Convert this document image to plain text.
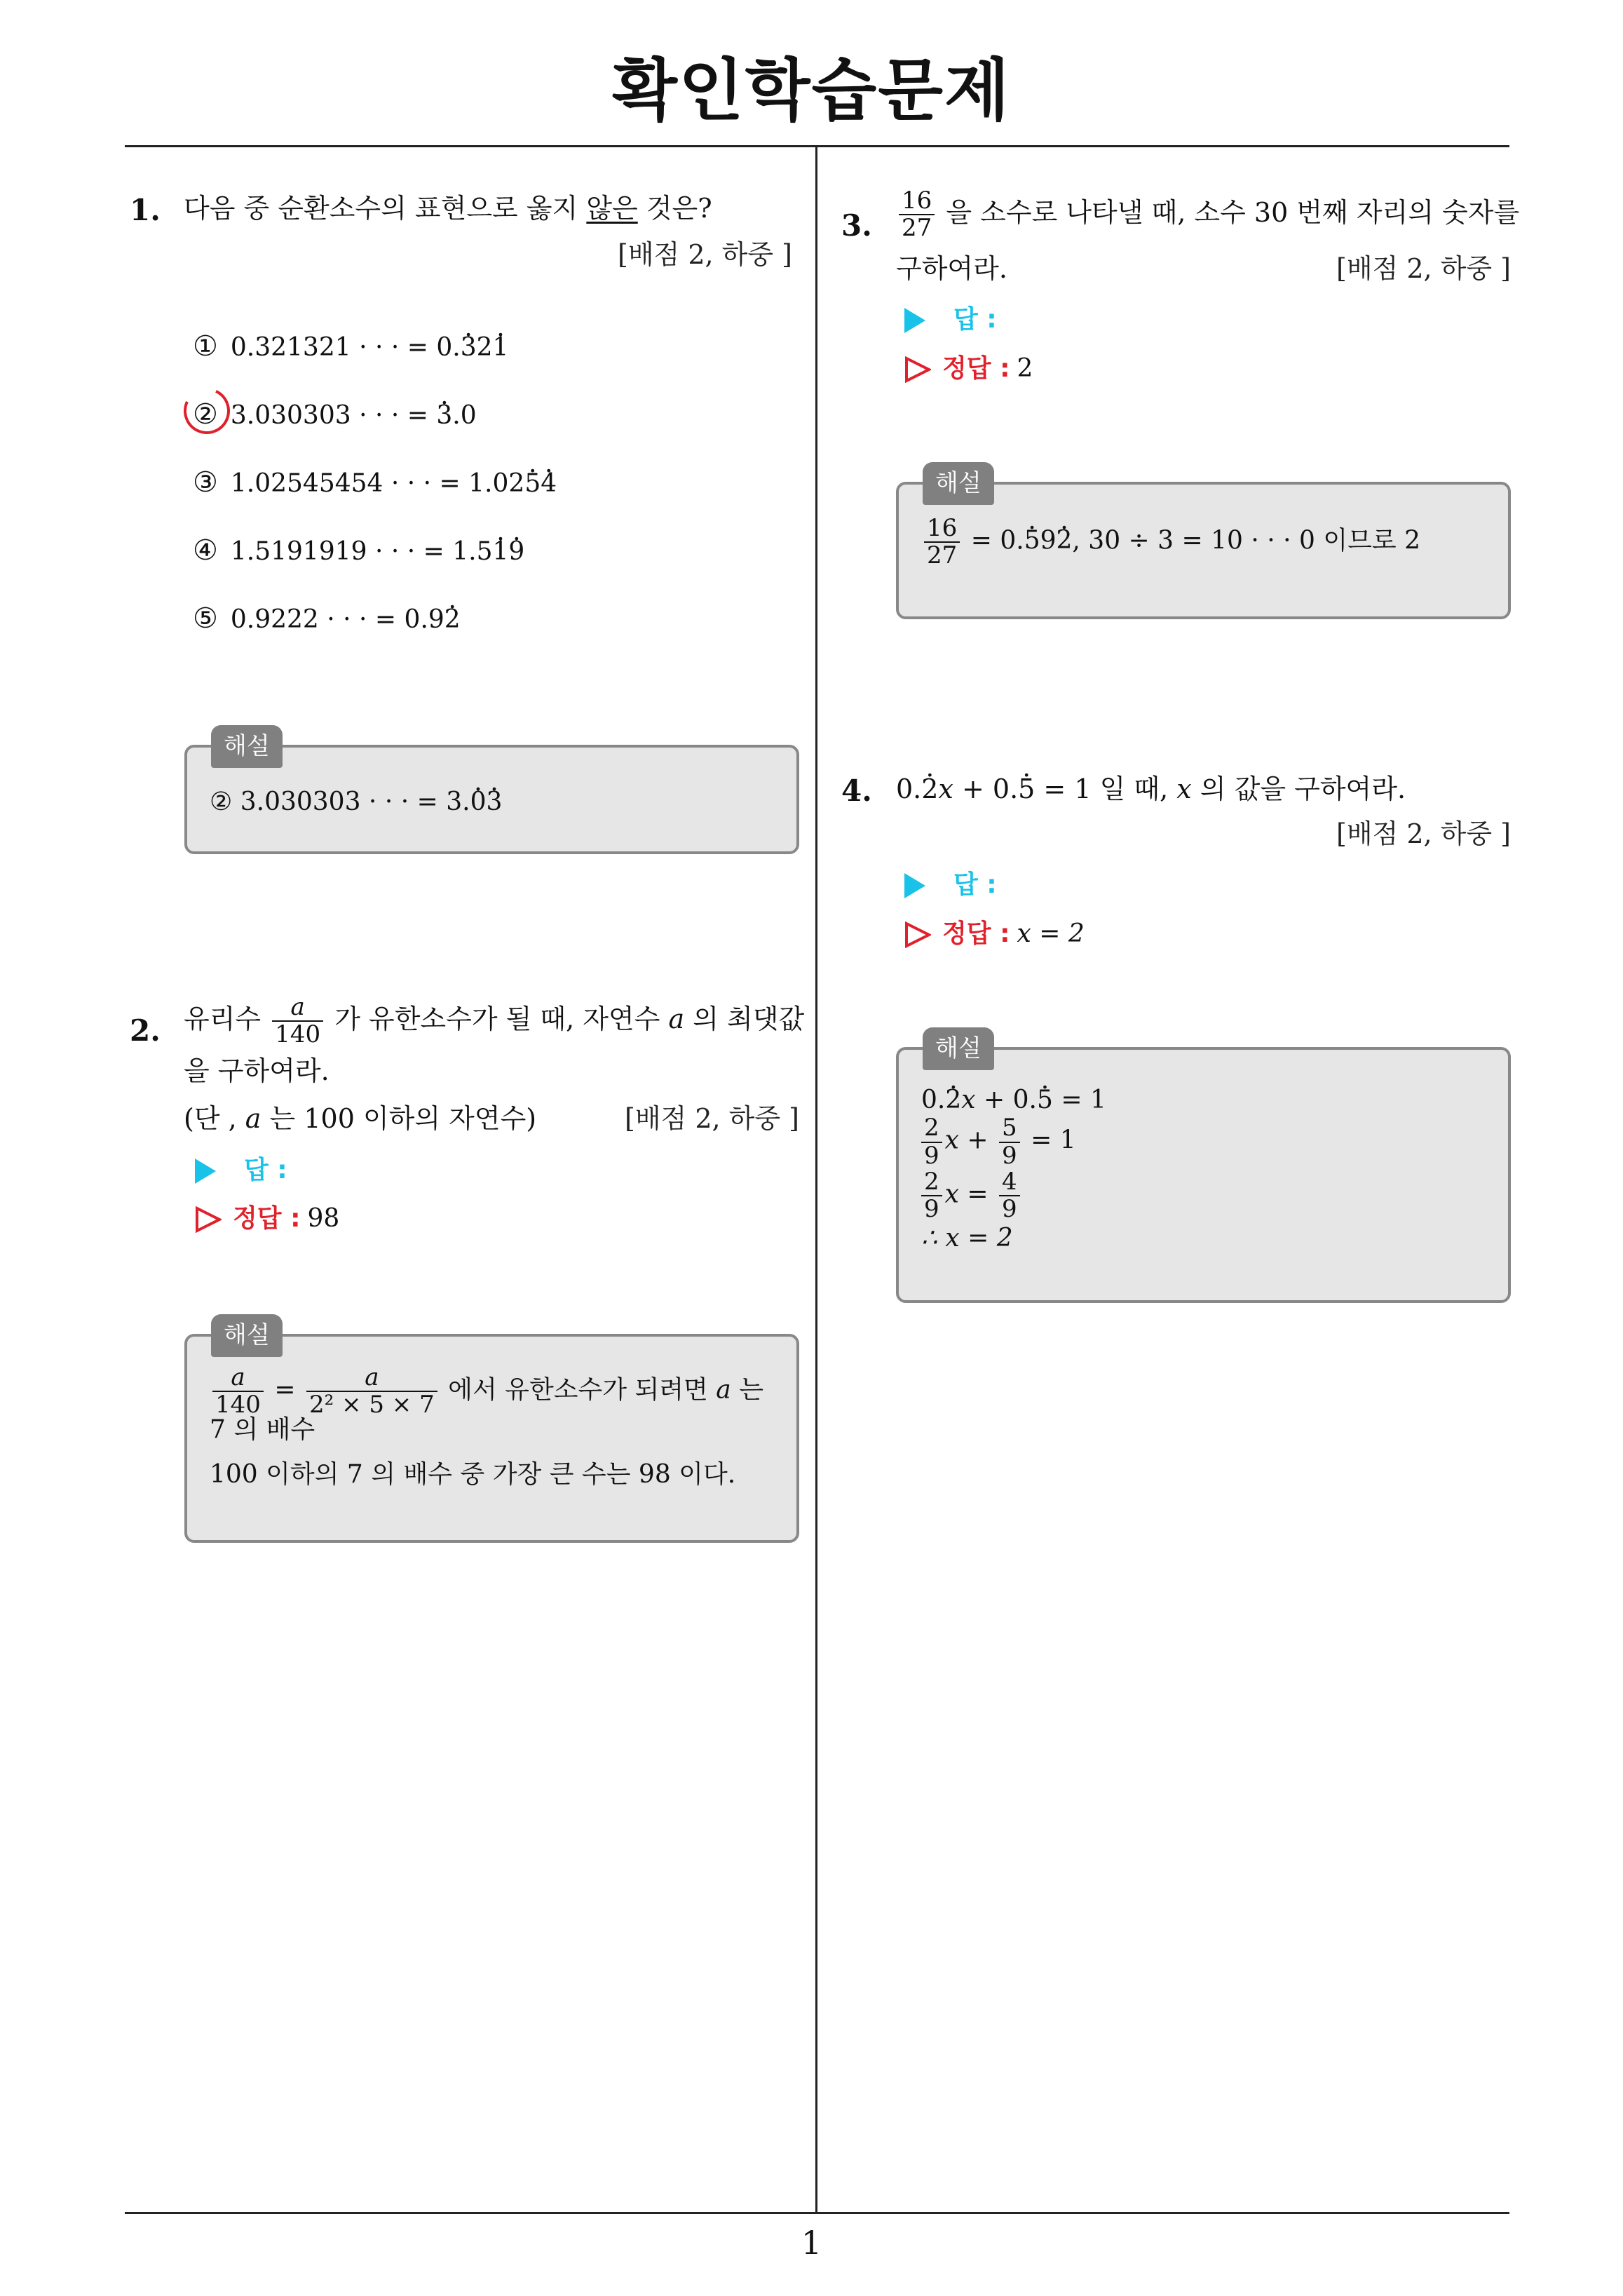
확인학습문제
1
1. 다음 중 순환소수의 표현으로 옳지 않은 것은?
[배점 2, 하중 ]
① 0.321321 · · · = 0.. 32. 1
② 3.030303 · · · = . 3.0
③ 1.02545454 · · · = 1.02. 5. 4
④ 1.5191919 · · · = 1.5. 1. 9
⑤ 0.9222 · · · = 0.9. 2
해설
② 3.030303 · · · = 3.. 0. 3
2. 유리수 $\frac{a}{140}$ 가 유한소수가 될 때, 자연수 a 의 최댓값
을 구하여라.
(단 , a 는 100 이하의 자연수)	[배점 2, 하중 ]
답 :
정답 : 98
해설
$\frac{a}{140} = \frac{a}{\text{2² × 5 × 7}}$ 에서 유한소수가 되려면 a 는
7 의 배수
100 이하의 7 의 배수 중 가장 큰 수는 98 이다.
3. $\frac{16}{27}$ 을 소수로 나타낼 때, 소수 30 번째 자리의 숫자를
구하여라.	[배점 2, 하중 ]
답 :
정답 : 2
해설
$\frac{16}{27} = 0$.. 59. 2, 30 ÷ 3 = 10 · · · 0 이므로 2
4. 0.. 2x + 0.. 5 = 1 일 때, x 의 값을 구하여라.
[배점 2, 하중 ]
답 :
정답 : x = 2
해설
0.. 2x + 0.. 5 = 1
$\frac{2}{9}$ $x + \frac{5}{9} = 1$
$\frac{2}{9}$ $x = \frac{4}{9}$
∴ x = 2
